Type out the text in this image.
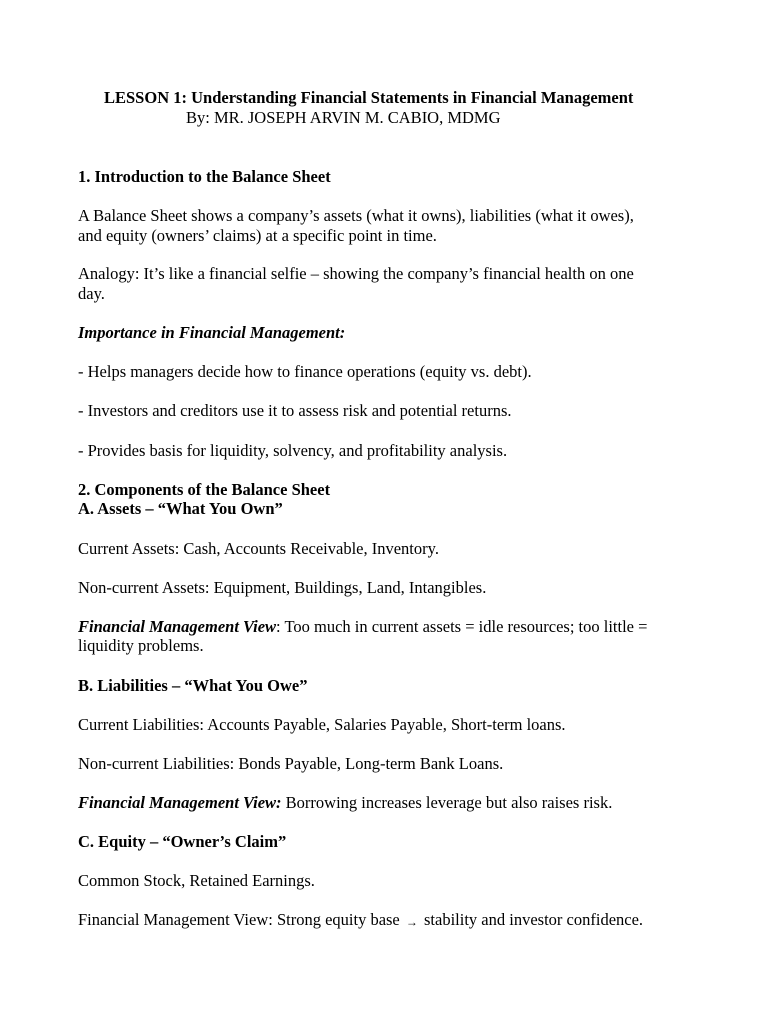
LESSON 1: Understanding Financial Statements in Financial Management
By: MR. JOSEPH ARVIN M. CABIO, MDMG
1. Introduction to the Balance Sheet
A Balance Sheet shows a company’s assets (what it owns), liabilities (what it owes),
and equity (owners’ claims) at a specific point in time.
Analogy: It’s like a financial selfie – showing the company’s financial health on one
day.
Importance in Financial Management:
- Helps managers decide how to finance operations (equity vs. debt).
- Investors and creditors use it to assess risk and potential returns.
- Provides basis for liquidity, solvency, and profitability analysis.
2. Components of the Balance Sheet
A. Assets – “What You Own”
Current Assets: Cash, Accounts Receivable, Inventory.
Non-current Assets: Equipment, Buildings, Land, Intangibles.
Financial Management View: Too much in current assets = idle resources; too little =
liquidity problems.
B. Liabilities – “What You Owe”
Current Liabilities: Accounts Payable, Salaries Payable, Short-term loans.
Non-current Liabilities: Bonds Payable, Long-term Bank Loans.
Financial Management View: Borrowing increases leverage but also raises risk.
C. Equity – “Owner’s Claim”
Common Stock, Retained Earnings.
Financial Management View: Strong equity base → stability and investor confidence.
